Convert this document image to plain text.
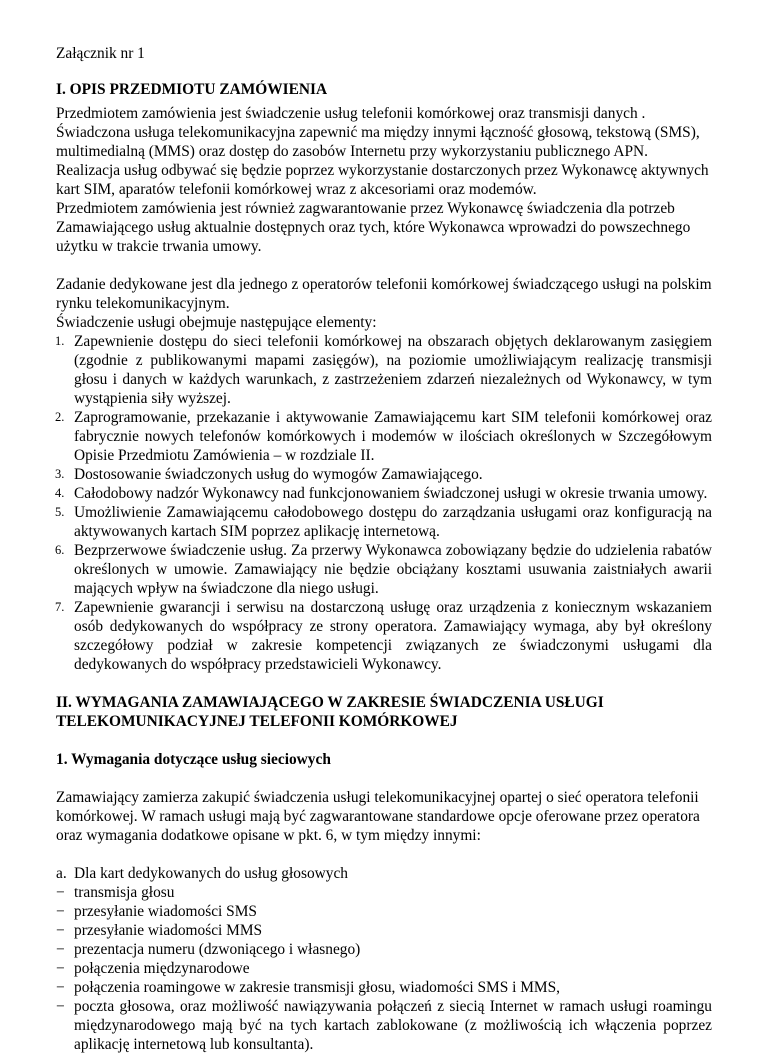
Załącznik nr 1

I. OPIS PRZEDMIOTU ZAMÓWIENIA

Przedmiotem zamówienia jest świadczenie usług telefonii komórkowej oraz transmisji danych .

Świadczona usługa telekomunikacyjna zapewnić ma między innymi łączność głosową, tekstową (SMS), multimedialną (MMS) oraz dostęp do zasobów Internetu przy wykorzystaniu publicznego APN.

Realizacja usług odbywać się będzie poprzez wykorzystanie dostarczonych przez Wykonawcę aktywnych kart SIM, aparatów telefonii komórkowej wraz z akcesoriami oraz modemów.

Przedmiotem zamówienia jest również zagwarantowanie przez Wykonawcę świadczenia dla potrzeb Zamawiającego usług aktualnie dostępnych oraz tych, które Wykonawca wprowadzi do powszechnego użytku w trakcie trwania umowy.

Zadanie dedykowane jest dla jednego z operatorów telefonii komórkowej świadczącego usługi na polskim rynku telekomunikacyjnym.

Świadczenie usługi obejmuje następujące elementy:

1. Zapewnienie dostępu do sieci telefonii komórkowej na obszarach objętych deklarowanym zasięgiem (zgodnie z publikowanymi mapami zasięgów), na poziomie umożliwiającym realizację transmisji głosu i danych w każdych warunkach, z zastrzeżeniem zdarzeń niezależnych od Wykonawcy, w tym wystąpienia siły wyższej.
2. Zaprogramowanie, przekazanie i aktywowanie Zamawiającemu kart SIM telefonii komórkowej oraz fabrycznie nowych telefonów komórkowych i modemów w ilościach określonych w Szczegółowym Opisie Przedmiotu Zamówienia – w rozdziale II.
3. Dostosowanie świadczonych usług do wymogów Zamawiającego.
4. Całodobowy nadzór Wykonawcy nad funkcjonowaniem świadczonej usługi w okresie trwania umowy.
5. Umożliwienie Zamawiającemu całodobowego dostępu do zarządzania usługami oraz konfiguracją na aktywowanych kartach SIM poprzez aplikację internetową.
6. Bezprzerwowe świadczenie usług. Za przerwy Wykonawca zobowiązany będzie do udzielenia rabatów określonych w umowie. Zamawiający nie będzie obciążany kosztami usuwania zaistniałych awarii mających wpływ na świadczone dla niego usługi.
7. Zapewnienie gwarancji i serwisu na dostarczoną usługę oraz urządzenia z koniecznym wskazaniem osób dedykowanych do współpracy ze strony operatora. Zamawiający wymaga, aby był określony szczegółowy podział w zakresie kompetencji związanych ze świadczonymi usługami dla dedykowanych do współpracy przedstawicieli Wykonawcy.
II. WYMAGANIA ZAMAWIAJĄCEGO W ZAKRESIE ŚWIADCZENIA USŁUGI
TELEKOMUNIKACYJNEJ TELEFONII KOMÓRKOWEJ
1. Wymagania dotyczące usług sieciowych

Zamawiający zamierza zakupić świadczenia usługi telekomunikacyjnej opartej o sieć operatora telefonii komórkowej. W ramach usługi mają być zagwarantowane standardowe opcje oferowane przez operatora oraz wymagania dodatkowe opisane w pkt. 6, w tym między innymi:

a. Dla kart dedykowanych do usług głosowych
− transmisja głosu
− przesyłanie wiadomości SMS
− przesyłanie wiadomości MMS
− prezentacja numeru (dzwoniącego i własnego)
− połączenia międzynarodowe
− połączenia roamingowe w zakresie transmisji głosu, wiadomości SMS i MMS,
− poczta głosowa, oraz możliwość nawiązywania połączeń z siecią Internet w ramach usługi roamingu międzynarodowego mają być na tych kartach zablokowane (z możliwością ich włączenia poprzez aplikację internetową lub konsultanta).
